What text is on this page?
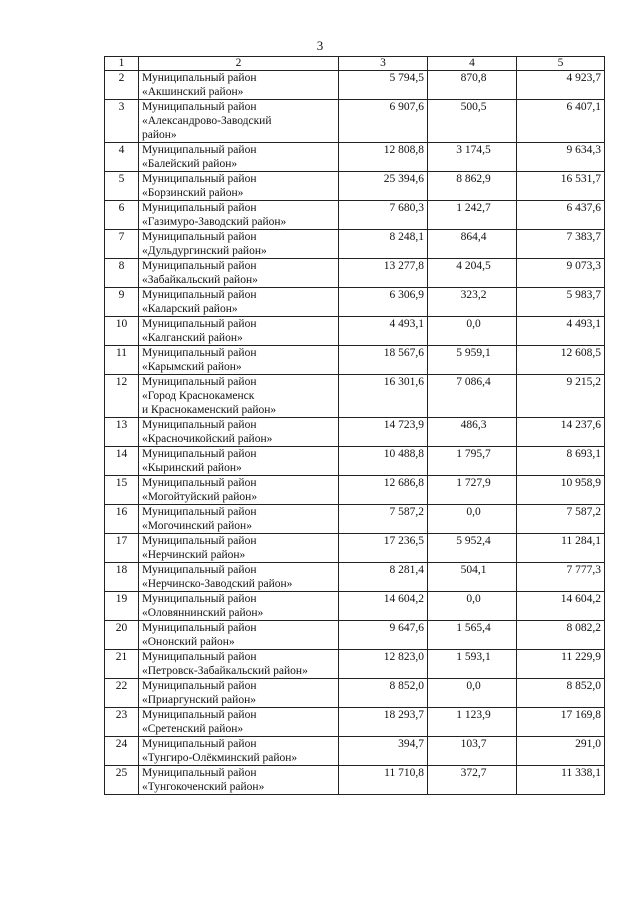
3
1	2	3	4	5
2	Муниципальный район
«Акшинский район»	5 794,5	870,8	4 923,7
3	Муниципальный район
«Александрово-Заводский
район»	6 907,6	500,5	6 407,1
4	Муниципальный район
«Балейский район»	12 808,8	3 174,5	9 634,3
5	Муниципальный район
«Борзинский район»	25 394,6	8 862,9	16 531,7
6	Муниципальный район
«Газимуро-Заводский район»	7 680,3	1 242,7	6 437,6
7	Муниципальный район
«Дульдургинский район»	8 248,1	864,4	7 383,7
8	Муниципальный район
«Забайкальский район»	13 277,8	4 204,5	9 073,3
9	Муниципальный район
«Каларский район»	6 306,9	323,2	5 983,7
10	Муниципальный район
«Калганский район»	4 493,1	0,0	4 493,1
11	Муниципальный район
«Карымский район»	18 567,6	5 959,1	12 608,5
12	Муниципальный район
«Город Краснокаменск
и Краснокаменский район»	16 301,6	7 086,4	9 215,2
13	Муниципальный район
«Красночикойский район»	14 723,9	486,3	14 237,6
14	Муниципальный район
«Кыринский район»	10 488,8	1 795,7	8 693,1
15	Муниципальный район
«Могойтуйский район»	12 686,8	1 727,9	10 958,9
16	Муниципальный район
«Могочинский район»	7 587,2	0,0	7 587,2
17	Муниципальный район
«Нерчинский район»	17 236,5	5 952,4	11 284,1
18	Муниципальный район
«Нерчинско-Заводский район»	8 281,4	504,1	7 777,3
19	Муниципальный район
«Оловяннинский район»	14 604,2	0,0	14 604,2
20	Муниципальный район
«Ононский район»	9 647,6	1 565,4	8 082,2
21	Муниципальный район
«Петровск-Забайкальский район»	12 823,0	1 593,1	11 229,9
22	Муниципальный район
«Приаргунский район»	8 852,0	0,0	8 852,0
23	Муниципальный район
«Сретенский район»	18 293,7	1 123,9	17 169,8
24	Муниципальный район
«Тунгиро-Олёкминский район»	394,7	103,7	291,0
25	Муниципальный район
«Тунгокоченский район»	11 710,8	372,7	11 338,1
